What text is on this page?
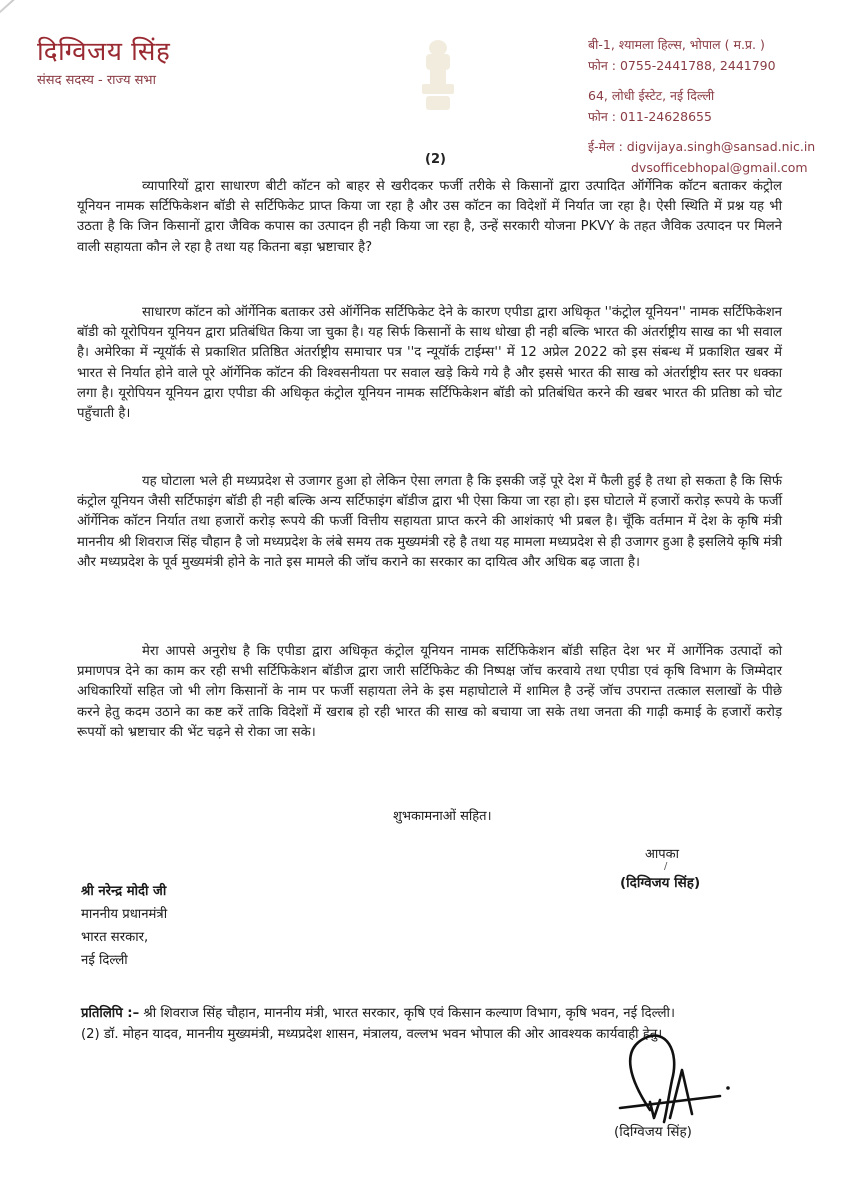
दिग्विजय सिंह
संसद सदस्य - राज्य सभा
बी-1, श्यामला हिल्स, भोपाल ( म.प्र. )
फोन : 0755-2441788, 2441790
64, लोधी ईस्टेट, नई दिल्ली
फोन : 011-24628655
ई-मेल : digvijaya.singh@sansad.nic.in
dvsofficebhopal@gmail.com
(2)

व्यापारियों द्वारा साधारण बीटी कॉटन को बाहर से खरीदकर फर्जी तरीके से किसानों द्वारा उत्पादित ऑर्गेनिक कॉटन बताकर कंट्रोल यूनियन नामक सर्टिफिकेशन बॉडी से सर्टिफिकेट प्राप्त किया जा रहा है और उस कॉटन का विदेशों में निर्यात जा रहा है। ऐसी स्थिति में प्रश्न यह भी उठता है कि जिन किसानों द्वारा जैविक कपास का उत्पादन ही नही किया जा रहा है, उन्हें सरकारी योजना PKVY के तहत जैविक उत्पादन पर मिलने वाली सहायता कौन ले रहा है तथा यह कितना बड़ा भ्रष्टाचार है?

साधारण कॉटन को ऑर्गेनिक बताकर उसे ऑर्गेनिक सर्टिफिकेट देने के कारण एपीडा द्वारा अधिकृत ''कंट्रोल यूनियन'' नामक सर्टिफिकेशन बॉडी को यूरोपियन यूनियन द्वारा प्रतिबंधित किया जा चुका है। यह सिर्फ किसानों के साथ धोखा ही नही बल्कि भारत की अंतर्राष्ट्रीय साख का भी सवाल है। अमेरिका में न्यूयॉर्क से प्रकाशित प्रतिष्ठित अंतर्राष्ट्रीय समाचार पत्र ''द न्यूयॉर्क टाईम्स'' में 12 अप्रेल 2022 को इस संबन्ध में प्रकाशित खबर में भारत से निर्यात होने वाले पूरे ऑर्गेनिक कॉटन की विश्वसनीयता पर सवाल खड़े किये गये है और इससे भारत की साख को अंतर्राष्ट्रीय स्तर पर धक्का लगा है। यूरोपियन यूनियन द्वारा एपीडा की अधिकृत कंट्रोल यूनियन नामक सर्टिफिकेशन बॉडी को प्रतिबंधित करने की खबर भारत की प्रतिष्ठा को चोट पहुँचाती है।

यह घोटाला भले ही मध्यप्रदेश से उजागर हुआ हो लेकिन ऐसा लगता है कि इसकी जड़ें पूरे देश में फैली हुई है तथा हो सकता है कि सिर्फ कंट्रोल यूनियन जैसी सर्टिफाइंग बॉडी ही नही बल्कि अन्य सर्टिफाइंग बॉडीज द्वारा भी ऐसा किया जा रहा हो। इस घोटाले में हजारों करोड़ रूपये के फर्जी ऑर्गेनिक कॉटन निर्यात तथा हजारों करोड़ रूपये की फर्जी वित्तीय सहायता प्राप्त करने की आशंकाएं भी प्रबल है। चूँकि वर्तमान में देश के कृषि मंत्री माननीय श्री शिवराज सिंह चौहान है जो मध्यप्रदेश के लंबे समय तक मुख्यमंत्री रहे है तथा यह मामला मध्यप्रदेश से ही उजागर हुआ है इसलिये कृषि मंत्री और मध्यप्रदेश के पूर्व मुख्यमंत्री होने के नाते इस मामले की जॉच कराने का सरकार का दायित्व और अधिक बढ़ जाता है।

मेरा आपसे अनुरोध है कि एपीडा द्वारा अधिकृत कंट्रोल यूनियन नामक सर्टिफिकेशन बॉडी सहित देश भर में आर्गेनिक उत्पादों को प्रमाणपत्र देने का काम कर रही सभी सर्टिफिकेशन बॉडीज द्वारा जारी सर्टिफिकेट की निष्पक्ष जॉच करवाये तथा एपीडा एवं कृषि विभाग के जिम्मेदार अधिकारियों सहित जो भी लोग किसानों के नाम पर फर्जी सहायता लेने के इस महाघोटाले में शामिल है उन्हें जॉच उपरान्त तत्काल सलाखों के पीछे करने हेतु कदम उठाने का कष्ट करें ताकि विदेशों में खराब हो रही भारत की साख को बचाया जा सके तथा जनता की गाढ़ी कमाई के हजारों करोड़ रूपयों को भ्रष्टाचार की भेंट चढ़ने से रोका जा सके।

शुभकामनाओं सहित।
आपका
/
(दिग्विजय सिंह)
श्री नरेन्द्र मोदी जी
माननीय प्रधानमंत्री
भारत सरकार,
नई दिल्ली
प्रतिलिपि :– श्री शिवराज सिंह चौहान, माननीय मंत्री, भारत सरकार, कृषि एवं किसान कल्याण विभाग, कृषि भवन, नई दिल्ली।
(2) डॉ. मोहन यादव, माननीय मुख्यमंत्री, मध्यप्रदेश शासन, मंत्रालय, वल्लभ भवन भोपाल की ओर आवश्यक कार्यवाही हेतु।
(दिग्विजय सिंह)
